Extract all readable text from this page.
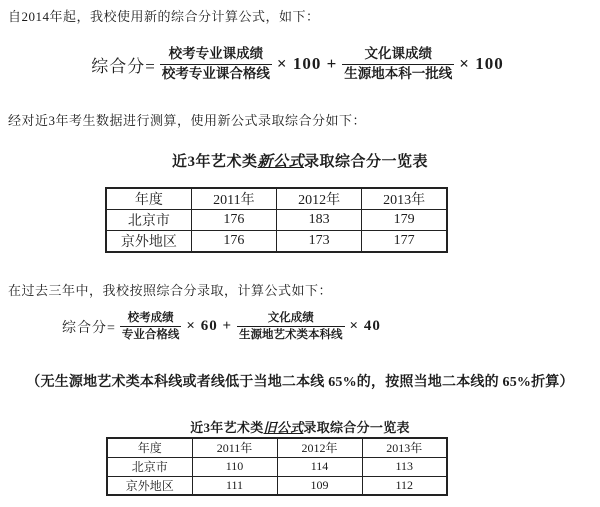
自2014年起，我校使用新的综合分计算公式，如下：

综合分= $\frac{\text{校考专业课成绩}}{\text{校考专业课合格线}} \times 100 + \frac{\text{文化课成绩}}{\text{生源地本科一批线}} \times 100$

经对近3年考生数据进行测算，使用新公式录取综合分如下：

近3年艺术类新公式录取综合分一览表
年度	2011年	2012年	2013年
北京市	176	183	179
京外地区	176	173	177

在过去三年中，我校按照综合分录取，计算公式如下：

综合分= $\frac{\text{校考成绩}}{\text{专业合格线}} \times 60 + \frac{\text{文化成绩}}{\text{生源地艺术类本科线}} \times 40$
（无生源地艺术类本科线或者线低于当地二本线 65%的，按照当地二本线的 65%折算）
近3年艺术类旧公式录取综合分一览表
年度	2011年	2012年	2013年
北京市	110	114	113
京外地区	111	109	112
